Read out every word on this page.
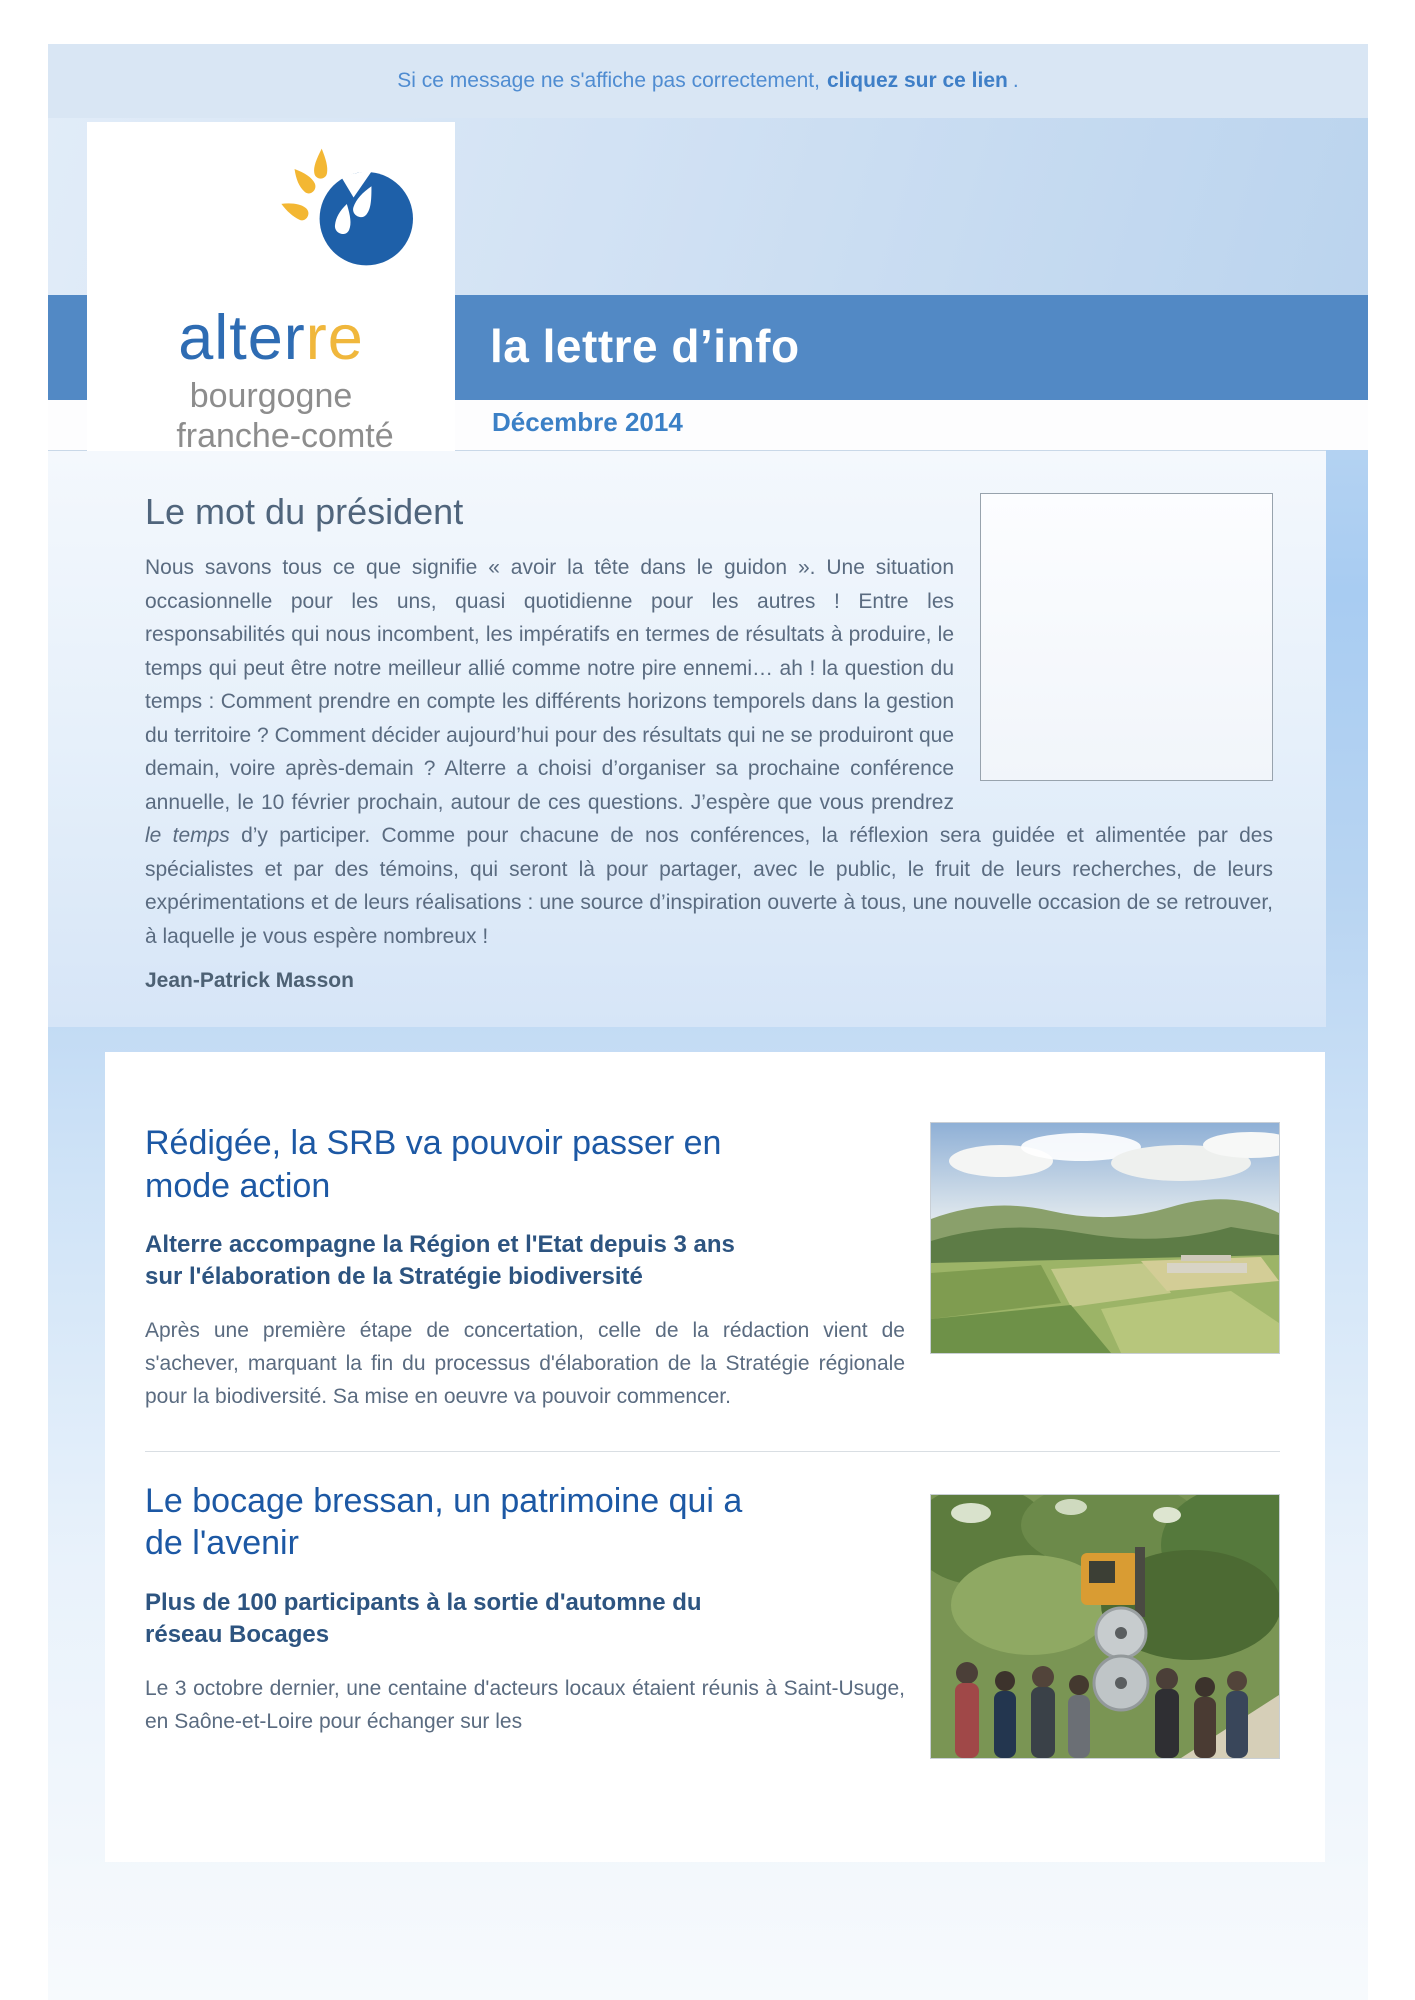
Si ce message ne s'affiche pas correctement, cliquez sur ce lien .
la lettre d’info
Décembre 2014
alterre
bourgogne
franche-comté
Le mot du président

Nous savons tous ce que signifie « avoir la tête dans le guidon ». Une situation occasionnelle pour les uns, quasi quotidienne pour les autres ! Entre les responsabilités qui nous incombent, les impératifs en termes de résultats à produire, le temps qui peut être notre meilleur allié comme notre pire ennemi… ah ! la question du temps : Comment prendre en compte les différents horizons temporels dans la gestion du territoire ? Comment décider aujourd’hui pour des résultats qui ne se produiront que demain, voire après-demain ? Alterre a choisi d’organiser sa prochaine conférence annuelle, le 10 février prochain, autour de ces questions. J’espère que vous prendrez le temps d’y participer. Comme pour chacune de nos conférences, la réflexion sera guidée et alimentée par des spécialistes et par des témoins, qui seront là pour partager, avec le public, le fruit de leurs recherches, de leurs expérimentations et de leurs réalisations : une source d’inspiration ouverte à tous, une nouvelle occasion de se retrouver, à laquelle je vous espère nombreux !

Jean-Patrick Masson
Rédigée, la SRB va pouvoir passer en mode action
Alterre accompagne la Région et l'Etat depuis 3 ans sur l'élaboration de la Stratégie biodiversité

Après une première étape de concertation, celle de la rédaction vient de s'achever, marquant la fin du processus d'élaboration de la Stratégie régionale pour la biodiversité. Sa mise en oeuvre va pouvoir commencer.

Le bocage bressan, un patrimoine qui a de l'avenir
Plus de 100 participants à la sortie d'automne du réseau Bocages

Le 3 octobre dernier, une centaine d'acteurs locaux étaient réunis à Saint-Usuge, en Saône-et-Loire pour échanger sur les
